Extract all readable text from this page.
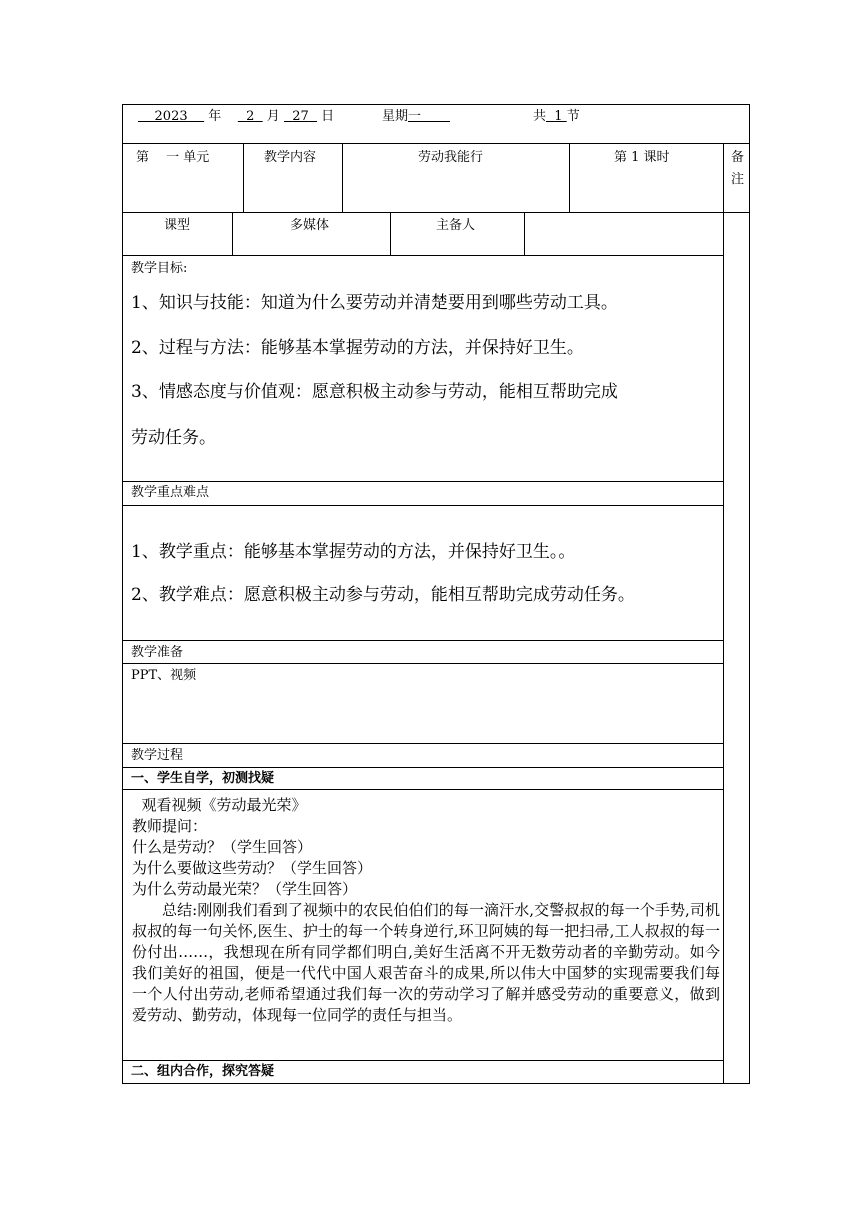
2023 年 2 月 27 日	星期一	共 1 节
第　 一 单元	教学内容	劳动我能行	第 1 课时	备
注
课型	多媒体	主备人
教学目标:
1、知识与技能：知道为什么要劳动并清楚要用到哪些劳动工具。
2、过程与方法：能够基本掌握劳动的方法，并保持好卫生。
3、情感态度与价值观：愿意积极主动参与劳动，能相互帮助完成
劳动任务。
教学重点难点
1、教学重点：能够基本掌握劳动的方法，并保持好卫生。。
2、教学难点：愿意积极主动参与劳动，能相互帮助完成劳动任务。
教学准备
PPT、视频
教学过程
一、学生自学，初测找疑
观看视频《劳动最光荣》
教师提问：
什么是劳动？（学生回答）
为什么要做这些劳动？（学生回答）
为什么劳动最光荣？（学生回答）
总结:刚刚我们看到了视频中的农民伯伯们的每一滴汗水,交警叔叔的每一个手势,司机叔叔的每一句关怀,医生、护士的每一个转身逆行,环卫阿姨的每一把扫帚,工人叔叔的每一份付出……，我想现在所有同学都们明白,美好生活离不开无数劳动者的辛勤劳动。如今我们美好的祖国，便是一代代中国人艰苦奋斗的成果,所以伟大中国梦的实现需要我们每一个人付出劳动,老师希望通过我们每一次的劳动学习了解并感受劳动的重要意义，做到爱劳动、勤劳动，体现每一位同学的责任与担当。
二、组内合作，探究答疑
